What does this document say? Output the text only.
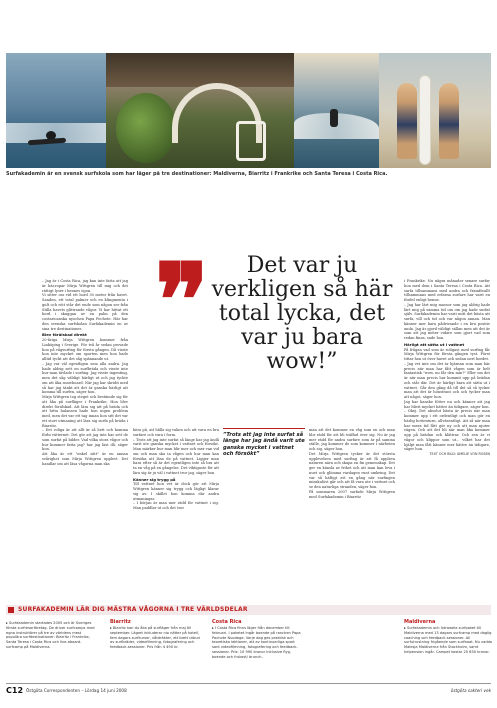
Surfakademin är en svensk surfskola som har läger på tre destinationer: Maldiverna, Biarritz i Frankrike och Santa Teresa i Costa Rica.
❞	Det var ju verkligen så här total lycka, det var ju bara wow!”

– Jag är i Costa Rica, jag kan inte fatta att jag är här,ropar Mirja Wittgren till mig och det rättigt lyser i hennes ögon.

Vi sitter oss vid ett bord 30 meter från havet. Sanden, ett total palmer och en klingmenta i gult och rött står det ende som någon ser från Stilla havets glittrande vågor. Vi har hittat ett bord i skuggan av en palm på den costaricanska nyochen Papa Pochote. Här har den svenska surfskolan Surfakademin en av sina tre destinationer.

Blev förälskad direkt

20-åriga Mirja Wittgren kommer från Linköping i Sverige. För två år sedan provade hon på vågsurfing för första gången. Då visste hon inte mycket om sporten men hon hade alltid tyckt att det såg spännande ut.

– Jag var väl egentligen som alla andra. Jag hade aldrig sett en surfbräda och visste inte hur man tävlade i surfing. Jag visste ingenting, men det såg väldigt härligt ut och jag tyckte om att åka snowboard. När jag har skridit med så har jag tänkt att det är ganska härligt att komma till surfen, säger hon.

Mirja Wittgren tog steget och bestämde sig för att åka på surfläger i Frankrike. Hon blev direkt förälskad. Att lära sig att på bräda och att hitta balansen hade hon ingen problem med, men det var ett tag innan hon sitt det var ett stort utmaning att lära sig surfa på bräda i Biarritz.

– Det roliga är att allt är så hett och komma förbi vätternet. Det gör att jag inte har sett de som surfat på bilder. Vad vilka stora vågor och hur kommer fatta jag? har jag läst då, säger hon.

Att åka är ett "enkel sätt" är en annan svårighet som Mirja Wittgren upplevt. Det handlar om att läsa vågorna man ska

köra på, att hålla sig vaken och att vara en bra surfare och vara i form.

– Trots att jag inte surfat så länge har jag ändå varit ute ganska mycket i vattnet och försökt. Man märker hur man blir mer och mer van vid om och man ska ta vågen och hur man kan försöka att läsa de på vattnet. Ligger man bara efter så är det egentligen inte så bra att ta en våg på en gångelse. Det viktigaste för att lära sig är ju väl i vattnet tror jag, säger hon.

Känner sig trygg på

Till vattnet hon vet är dock gör att Mirja Wittgren känner sig trygg och lägligt klarar sig av. I skillet hon komma där andra utmaningar.

– I början är man mer rädd för vattnet i sig. Man paddlar ut och det tror

”Trots att jag inte surfat så länge har jag ändå varit ute ganska mycket i vattnet och försökt”

man att det kommer en våg som en och man blir rädd för att bli träffad över sig. Nu är jag mer rädd för andra surfare som är på samma ställe, jag kommer de som kommer i närheten och sig, säger hon.

Det Mirja Wittgren tycker är det största upplevelsen med surfing är att få uppleva naturen nära och skapa en fin gemenskap. Det ger en känsla av frihet och att man kan leva i nuet och glömma vardagen runt omkring. Det var så häftigt att en gång när surfingen mirakulöst går och att få vara ute i vattnet och se den naturliga stranden, säger hon.

På sommaren 2007 surfade Mirja Wittgren med Surfakademin i Biarritz

i Frankrike. Nu några månader senare surfar hon med dem i Santa Teresa i Costa Rica. Att surfa tillsammans med andra och framförallt tillsammans med erfarna surfare har varit en fördel enligt henne.

– Jag har lärt mig massor som jag aldrig hade lärt mig på samma tid om om jag hade surfat själv. Surfakademin har varit mitt det bästa att surfa, vill och tid och var någon annan. Man känner mer bara pådrivande i en bra positiv anda. Jag är gjord väldigt sällan men att det är som att jag möter vidare som gjort vad som redan finns, sade hon.

Härligt att sätta ut i vattnet

På frågan vad som är roligast med surfing får Mirja Wittgren för första gången tyst. Först tittar hon ut över havet och sedan nert bordet.

– Jag vet inte om det är hjärnan som man här precis när man har fått vågen som är helt fantastisk "wow, nu får den min?" Eller om det är när man precis har kommit upp på brädan och står där. Det är härligt bara att sätta ut i vattnet. Går den gång då till det så så tycker man att det är hönstrant och och tycker man att något, säger hon.

Jag har kanske fötter nu och känner att jag har blivit mycket bättre än tidigare, säger hon.

– Okej. Det absolut bästa är precis när man kommer upp i ett ordentligt och man gör en härlig bottenturn, allväsentligt. Att så när man har mera tid fått gör ny och att man njuter vägen. Och att det bli när man åka kommer upp på brädan och klättrar. Och sen är vi vågor och klippor som ut... vilket har det hjälpt man fått känner mer bättre än tidigare, säger hon.

TEXT OCH BILD: AMELIE VON ROSEN

SURFAKADEMIN LÄR DIG MÄSTRA VÅGORNA I TRE VÄRLDSDELAR

▸ Surfakademin startades 2005 och är Sveriges första surfresorföretag. De driver surfcamps med egna instruktörer på tre av världens mest populära surfdestinationer: Biarritz i Frankrike, Santa Teresa i Costa Rica och live-aboard-surfcamp på Maldiverna.

Biarritz

▸ Biarritz kan du åka på surfläger från maj till september. Lägret inkluderar nio nätter på hotell, fem dagars surfkurser, våtdräkter, ett brett utbud av surfbräder, videofilmning, fotografering och feedback-sessioner. Pris från 4 490 kr.

Costa Rica

▸ I Costa Rica finns läger från december till februari. I paketet ingår boende på ranchen Papa Pochote Nuodage. Varje dag ges praktisk och teoretiska lektioner, att av kontinuerliga sport sant videofilmning, fotografering och feedback-sessioner. Pris: 10 990 kronor inklusive flyg, boende och frukost/ brunch.

Maldiverna

▸ Surfakademin och Intrawela surfpaket till Maldiverna med 13 dagars surfcamp med daglig coaching och feedback-sessioner. All surfutrustning frigående som surfboat. Nu vaddo Malesja Maldiverna från Stockholm, samt helpension ingår. Campet kostar 25 650 kronor.

C12 Östgöta Correspondenten – Lördag 14 juni 2008	östgöta sakteri vek
